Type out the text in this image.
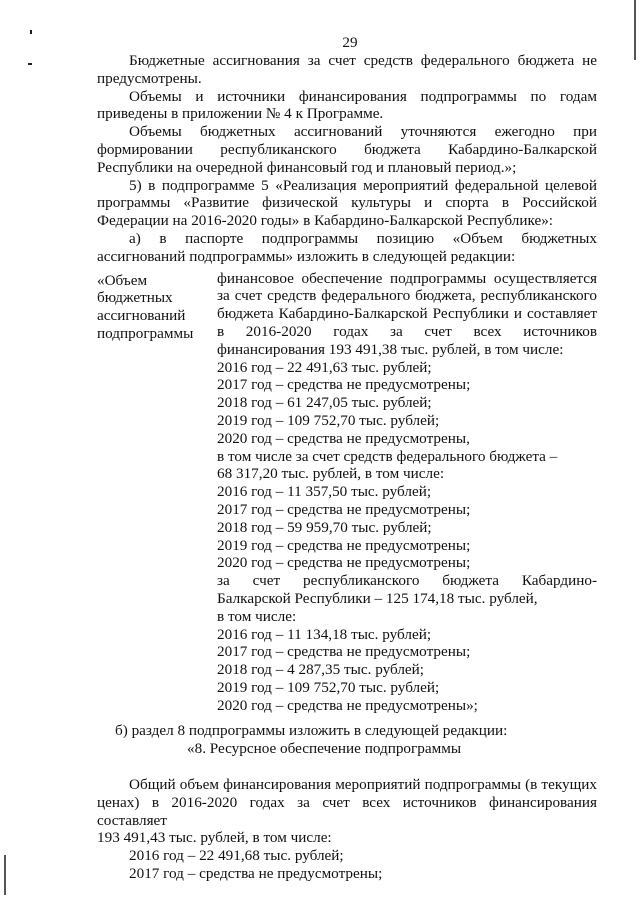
29
Бюджетные ассигнования за счет средств федерального бюджета не
предусмотрены.
Объемы и источники финансирования подпрограммы по годам
приведены в приложении № 4 к Программе.
Объемы бюджетных ассигнований уточняются ежегодно при
формировании республиканского бюджета Кабардино-Балкарской
Республики на очередной финансовый год и плановый период.»;
5) в подпрограмме 5 «Реализация мероприятий федеральной целевой
программы «Развитие физической культуры и спорта в Российской
Федерации на 2016-2020 годы» в Кабардино-Балкарской Республике»:
а) в паспорте подпрограммы позицию «Объем бюджетных
ассигнований подпрограммы» изложить в следующей редакции:
«Объем
бюджетных
ассигнований
подпрограммы
финансовое обеспечение подпрограммы осуществляется
за счет средств федерального бюджета, республиканского
бюджета Кабардино-Балкарской Республики и составляет
в 2016-2020 годах за счет всех источников
финансирования 193 491,38 тыс. рублей, в том числе:
2016 год – 22 491,63 тыс. рублей;
2017 год – средства не предусмотрены;
2018 год – 61 247,05 тыс. рублей;
2019 год – 109 752,70 тыс. рублей;
2020 год – средства не предусмотрены,
в том числе за счет средств федерального бюджета –
68 317,20 тыс. рублей, в том числе:
2016 год – 11 357,50 тыс. рублей;
2017 год – средства не предусмотрены;
2018 год – 59 959,70 тыс. рублей;
2019 год – средства не предусмотрены;
2020 год – средства не предусмотрены;
за счет республиканского бюджета Кабардино-
Балкарской Республики – 125 174,18 тыс. рублей,
в том числе:
2016 год – 11 134,18 тыс. рублей;
2017 год – средства не предусмотрены;
2018 год – 4 287,35 тыс. рублей;
2019 год – 109 752,70 тыс. рублей;
2020 год – средства не предусмотрены»;
б) раздел 8 подпрограммы изложить в следующей редакции:
«8. Ресурсное обеспечение подпрограммы
Общий объем финансирования мероприятий подпрограммы (в текущих
ценах) в 2016-2020 годах за счет всех источников финансирования составляет
193 491,43 тыс. рублей, в том числе:
2016 год – 22 491,68 тыс. рублей;
2017 год – средства не предусмотрены;
